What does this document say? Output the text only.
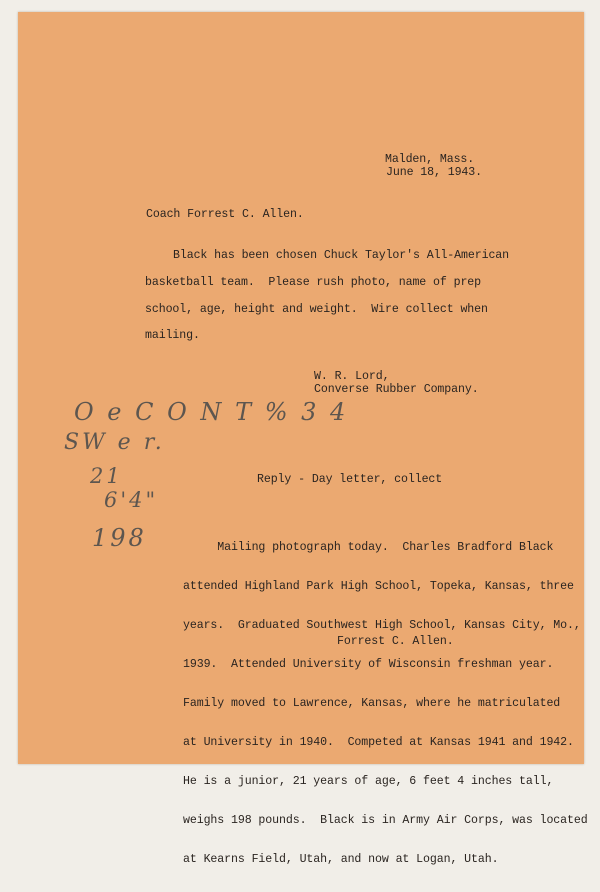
Malden, Mass.
June 18, 1943.
Coach Forrest C. Allen.
Black has been chosen Chuck Taylor's All-American
basketball team.  Please rush photo, name of prep
school, age, height and weight.  Wire collect when
mailing.
W. R. Lord,
Converse Rubber Company.
O e C O N T % 3 4
SW e r.
21
6'4"
198
Reply - Day letter, collect

Mailing photograph today.  Charles Bradford Black

attended Highland Park High School, Topeka, Kansas, three

years.  Graduated Southwest High School, Kansas City, Mo.,

1939.  Attended University of Wisconsin freshman year.

Family moved to Lawrence, Kansas, where he matriculated

at University in 1940.  Competed at Kansas 1941 and 1942.

He is a junior, 21 years of age, 6 feet 4 inches tall,

weighs 198 pounds.  Black is in Army Air Corps, was located

at Kearns Field, Utah, and now at Logan, Utah.

Forrest C. Allen.
